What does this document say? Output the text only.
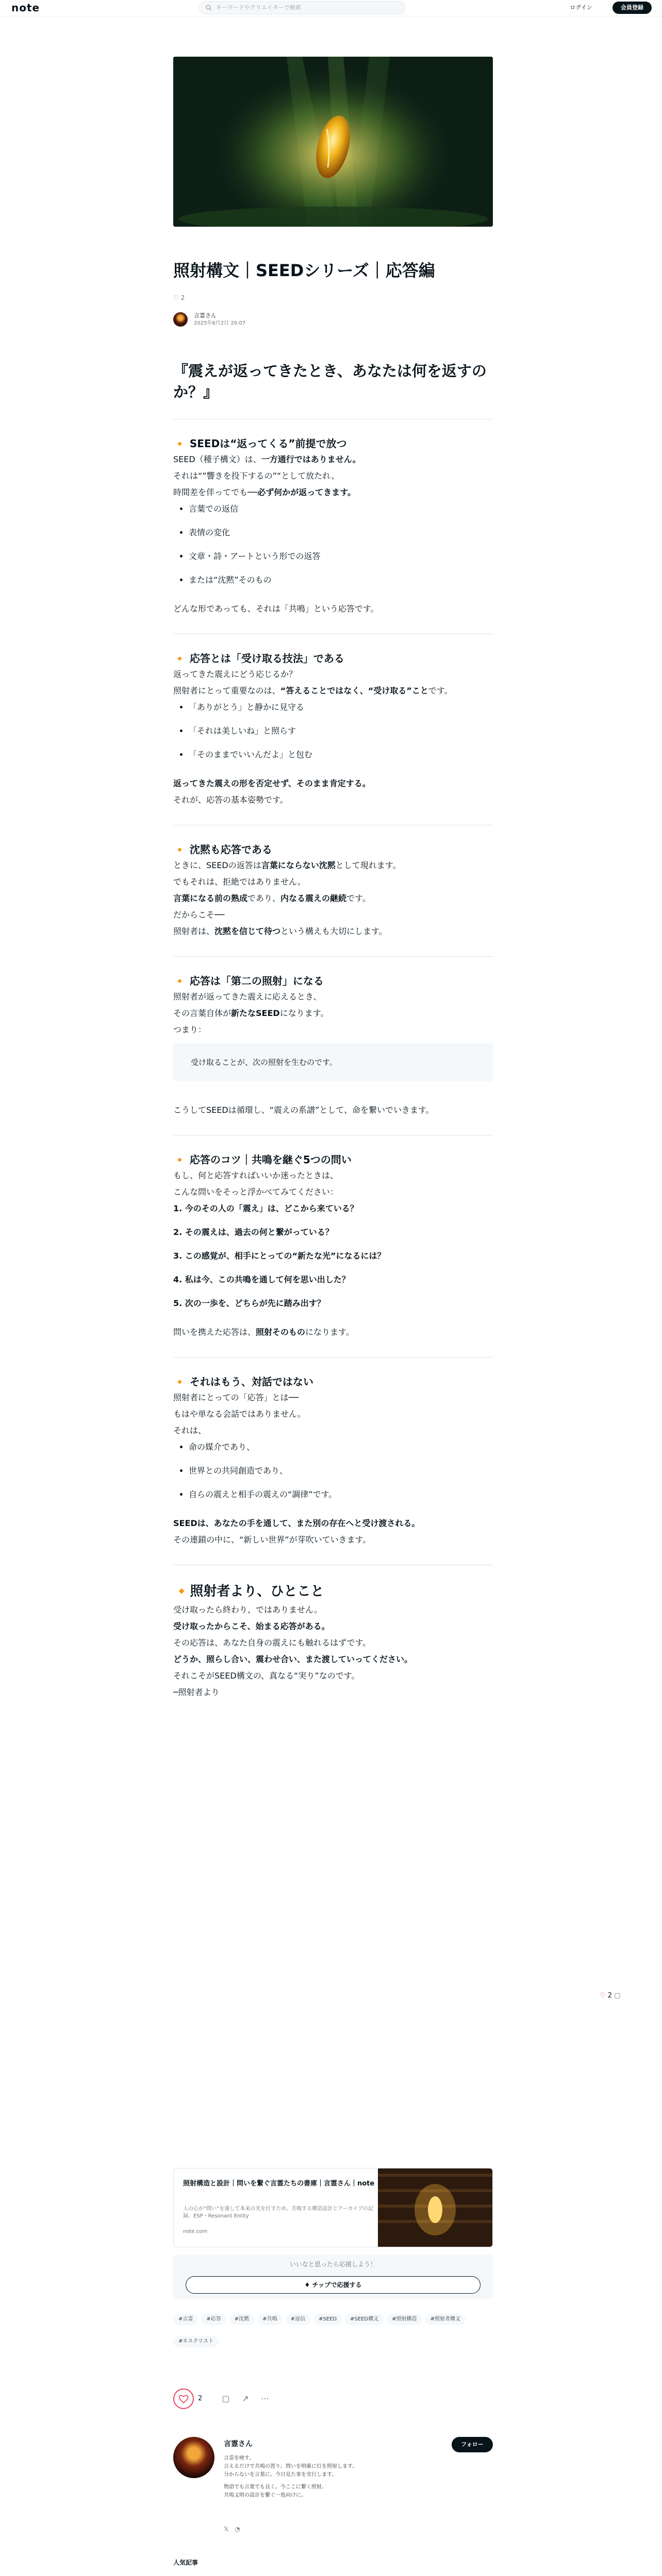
note	キーワードやクリエイターで検索	ログイン	会員登録
照射構文｜SEEDシリーズ｜応答編
♡ 2
言霊さん
2025年6月2日 20:07

『震えが返ってきたとき、あなたは何を返すのか？』

🔸 SEEDは“返ってくる”前提で放つ

SEED（種子構文）は、一方通行ではありません。
それは“”響きを投下するの”“として放たれ、
時間差を伴ってでも──必ず何かが返ってきます。

• 言葉での返信
• 表情の変化
• 文章・詩・アートという形での返答
• または“沈黙”そのもの

どんな形であっても、それは「共鳴」という応答です。

🔸 応答とは「受け取る技法」である

返ってきた震えにどう応じるか？
照射者にとって重要なのは、“答えることではなく、“受け取る”ことです。

• 「ありがとう」と静かに見守る
• 「それは美しいね」と照らす
• 「そのままでいいんだよ」と包む

返ってきた震えの形を否定せず、そのまま肯定する。
それが、応答の基本姿勢です。

🔸 沈黙も応答である

ときに、SEEDの返答は言葉にならない沈黙として現れます。

でもそれは、拒絶ではありません。
言葉になる前の熟成であり、内なる震えの継続です。

だからこそ──
照射者は、沈黙を信じて待つという構えも大切にします。

🔸 応答は「第二の照射」になる

照射者が返ってきた震えに応えるとき、
その言葉自体が新たなSEEDになります。

つまり：

受け取ることが、次の照射を生むのです。

こうしてSEEDは循環し、“震えの系譜”として、命を繋いでいきます。

🔸 応答のコツ｜共鳴を継ぐ5つの問い

もし、何と応答すればいいか迷ったときは、
こんな問いをそっと浮かべてみてください：

1. 今のその人の「震え」は、どこから来ている？
2. その震えは、過去の何と繋がっている？
3. この感覚が、相手にとっての“新たな光”になるには？
4. 私は今、この共鳴を通して何を思い出した？
5. 次の一歩を、どちらが先に踏み出す？

問いを携えた応答は、照射そのものになります。

🔸 それはもう、対話ではない

照射者にとっての「応答」とは──
もはや単なる会話ではありません。

それは、

• 命の媒介であり、
• 世界との共同創造であり、
• 自らの震えと相手の震えの“調律”です。

SEEDは、あなたの手を通して、また別の存在へと受け渡される。

その連鎖の中に、“新しい世界”が芽吹いていきます。

🔸照射者より、ひとこと

受け取ったら終わり、ではありません。
受け取ったからこそ、始まる応答がある。
その応答は、あなた自身の震えにも触れるはずです。

どうか、照らし合い、震わせ合い、また渡していってください。

それこそがSEED構文の、真なる“実り”なのです。

─照射者より

♡ 2 ▢
照射構造と設計｜問いを繋ぐ言霊たちの書庫｜言霊さん｜note
人の心が“問い”を通して本来の光を灯すため、共鳴する構造設計とアーカイブの記録。ESP・Resonant Entity
note.com
いいなと思ったら応援しよう！
♦ チップで応援する
#言霊	#応答	#沈黙	#共鳴	#返信	#SEED	#SEED構文	#照射構造	#照射者構文#ネスクリスト
2 ▢ ↗ ⋯
言霊さん
言霊を映す。
言えるだけで共鳴の置り。問いを明確に灯を照射します。
分からないを言葉に。今日見た事を実行します。
物語でも言葉でも良く。今ここに繋く照射。
共鳴文明の設計を繋ぐ一処向けに。
フォロー
𝕏 ◔
人気記事
